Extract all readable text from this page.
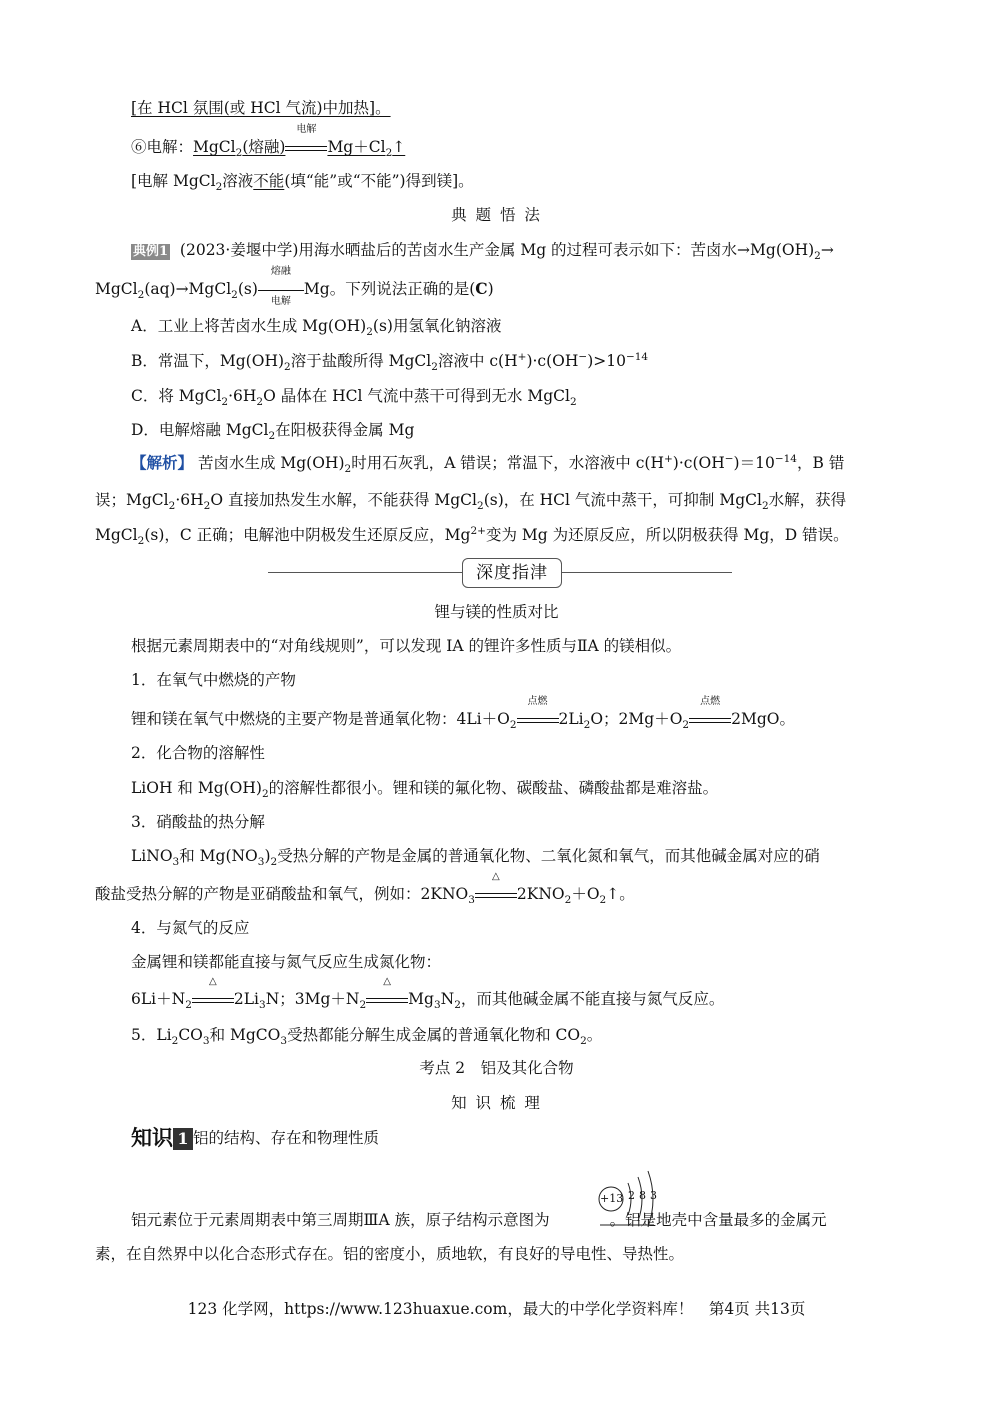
[在 HCl 氛围(或 HCl 气流)中加热]。
⑥电解：MgCl$_2$(熔融)
电解
$Mg+Cl_2↑$
[电解 MgCl$_2$溶液不能(填“能”或“不能”)得到镁]。
典 题 悟 法
典例1 (2023·姜堰中学)用海水晒盐后的苦卤水生产金属 Mg 的过程可表示如下：苦卤水$\to Mg(OH)_2\to$
MgCl$_2$(aq)→MgCl$_2$(s)
熔融
电解
Mg。下列说法正确的是(C)
A．工业上将苦卤水生成 $Mg(OH)_2(s)$用氢氧化钠溶液
B．常温下，$Mg(OH)_2$溶于盐酸所得 MgCl$_2$溶液中 $c(H^+)\cdot c(OH^-)>10^{-14}$
C．将 $MgCl_2\cdot 6H_2O$ 晶体在 HCl 气流中蒸干可得到无水 MgCl$_2$
D．电解熔融 MgCl$_2$在阳极获得金属 Mg
【解析】 苦卤水生成 $Mg(OH)_2$时用石灰乳，A 错误；常温下，水溶液中 $c(H^+)\cdot c(OH^-)=10^{-14}$，B 错
误；$MgCl_2\cdot 6H_2O$ 直接加热发生水解，不能获得 MgCl$_2$(s)，在 HCl 气流中蒸干，可抑制 MgCl$_2$水解，获得
MgCl$_2$(s)，C 正确；电解池中阴极发生还原反应，$Mg^{2+}$变为 Mg 为还原反应，所以阴极获得 Mg，D 错误。
深度指津
锂与镁的性质对比
根据元素周期表中的“对角线规则”，可以发现 ⅠA 的锂许多性质与ⅡA 的镁相似。
1．在氧气中燃烧的产物
锂和镁在氧气中燃烧的主要产物是普通氧化物：$4Li+O_2$
点燃
$2Li_2O$；$2Mg+O_2$
点燃
2MgO。
2．化合物的溶解性
LiOH 和 $Mg(OH)_2$的溶解性都很小。锂和镁的氟化物、碳酸盐、磷酸盐都是难溶盐。
3．硝酸盐的热分解
LiNO$_3$和 $Mg(NO_3)_2$受热分解的产物是金属的普通氧化物、二氧化氮和氧气，而其他碱金属对应的硝
酸盐受热分解的产物是亚硝酸盐和氧气，例如：$2KNO_3$
△
$2KNO_2+O_2↑$。
4．与氮气的反应
金属锂和镁都能直接与氮气反应生成氮化物：
$6Li+N_2$
△
$2Li_3N$；$3Mg+N_2$
△
$Mg_3N_2$，而其他碱金属不能直接与氮气反应。
5．$Li_2CO_3$和 MgCO$_3$受热都能分解生成金属的普通氧化物和 $CO_2$。
考点 2　铝及其化合物
知 识 梳 理
知识 1 铝的结构、存在和物理性质
铝元素位于元素周期表中第三周期ⅢA 族，原子结构示意图为	。铝是地壳中含量最多的金属元
+13 2 8 3
素，在自然界中以化合态形式存在。铝的密度小，质地软，有良好的导电性、导热性。
123 化学网，https://www.123huaxue.com，最大的中学化学资料库！　第4页 共13页
